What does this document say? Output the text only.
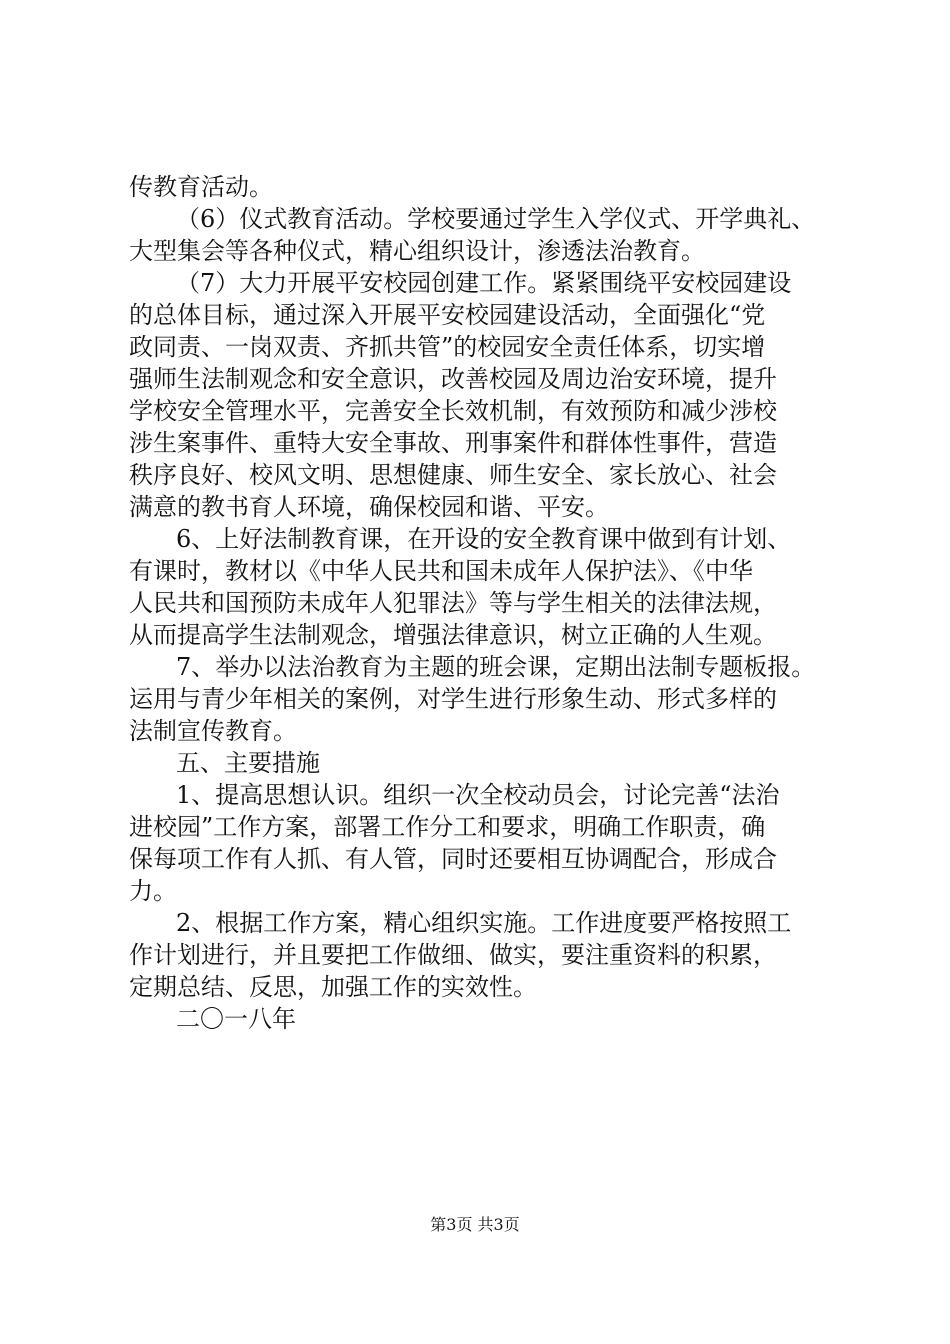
传教育活动。
（6）仪式教育活动。学校要通过学生入学仪式、开学典礼、
大型集会等各种仪式，精心组织设计，渗透法治教育。
（7）大力开展平安校园创建工作。紧紧围绕平安校园建设
的总体目标，通过深入开展平安校园建设活动，全面强化“党
政同责、一岗双责、齐抓共管”的校园安全责任体系，切实增
强师生法制观念和安全意识，改善校园及周边治安环境，提升
学校安全管理水平，完善安全长效机制，有效预防和减少涉校
涉生案事件、重特大安全事故、刑事案件和群体性事件，营造
秩序良好、校风文明、思想健康、师生安全、家长放心、社会
满意的教书育人环境，确保校园和谐、平安。
6、上好法制教育课，在开设的安全教育课中做到有计划、
有课时，教材以《中华人民共和国未成年人保护法》、《中华
人民共和国预防未成年人犯罪法》等与学生相关的法律法规，
从而提高学生法制观念，增强法律意识，树立正确的人生观。
7、举办以法治教育为主题的班会课，定期出法制专题板报。
运用与青少年相关的案例，对学生进行形象生动、形式多样的
法制宣传教育。
五、主要措施
1、提高思想认识。组织一次全校动员会，讨论完善“法治
进校园”工作方案，部署工作分工和要求，明确工作职责，确
保每项工作有人抓、有人管，同时还要相互协调配合，形成合
力。
2、根据工作方案，精心组织实施。工作进度要严格按照工
作计划进行，并且要把工作做细、做实，要注重资料的积累，
定期总结、反思，加强工作的实效性。
二〇一八年
第3页 共3页
